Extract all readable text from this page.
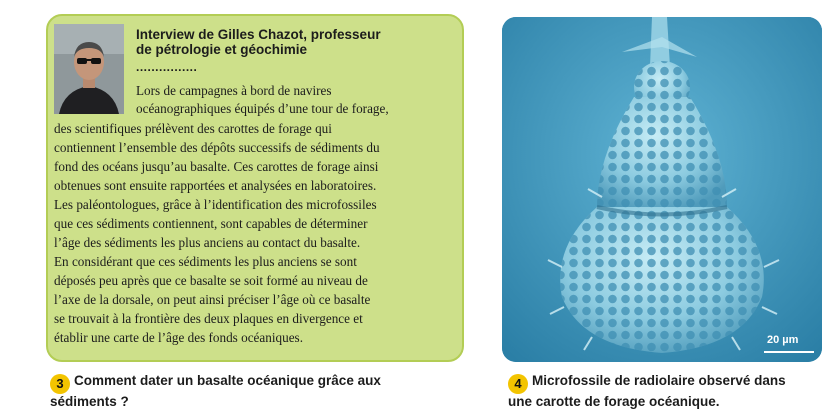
Interview de Gilles Chazot, professeur
de pétrologie et géochimie
................
Lors de campagnes à bord de navires
océanographiques équipés d’une tour de forage,
des scientifiques prélèvent des carottes de forage qui
contiennent l’ensemble des dépôts successifs de sédiments du
fond des océans jusqu’au basalte. Ces carottes de forage ainsi
obtenues sont ensuite rapportées et analysées en laboratoires.
Les paléontologues, grâce à l’identification des microfossiles
que ces sédiments contiennent, sont capables de déterminer
l’âge des sédiments les plus anciens au contact du basalte.
En considérant que ces sédiments les plus anciens se sont
déposés peu après que ce basalte se soit formé au niveau de
l’axe de la dorsale, on peut ainsi préciser l’âge où ce basalte
se trouvait à la frontière des deux plaques en divergence et
établir une carte de l’âge des fonds océaniques.
3 Comment dater un basalte océanique grâce aux
sédiments ?
20 µm
4 Microfossile de radiolaire observé dans
une carotte de forage océanique.
